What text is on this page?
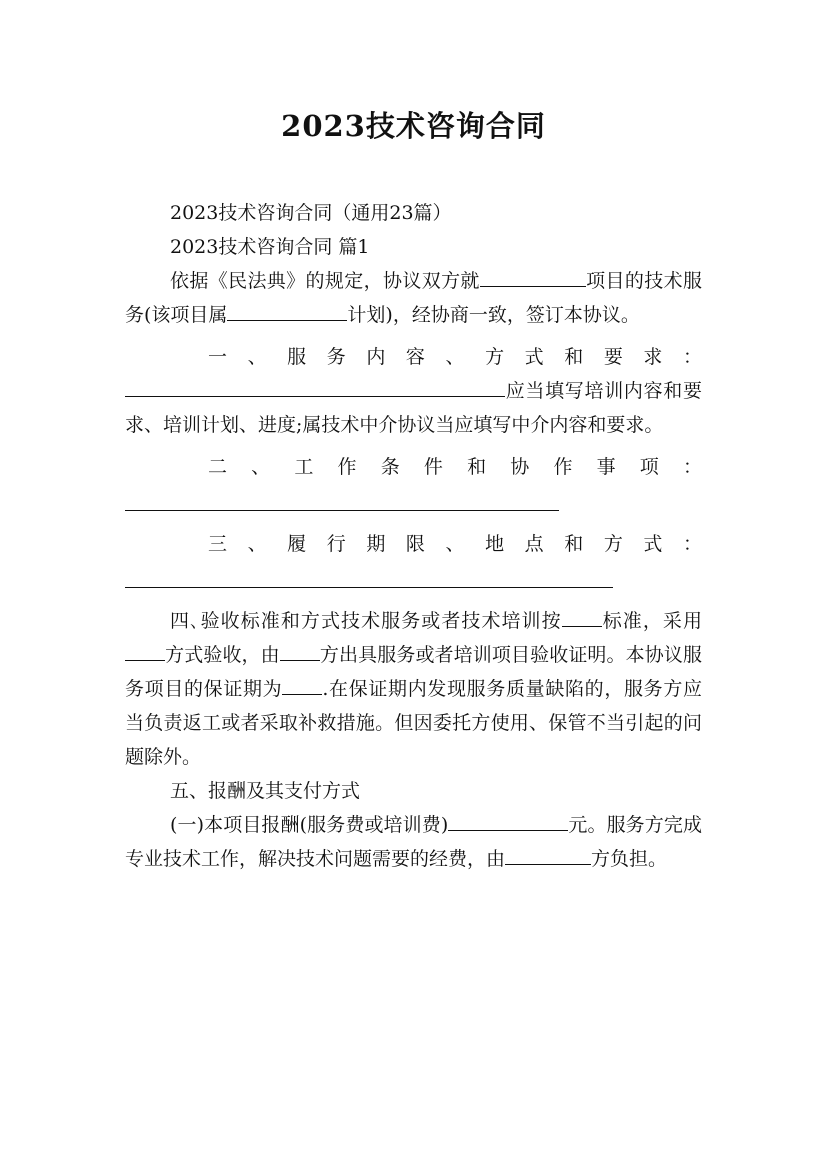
2023技术咨询合同

2023技术咨询合同（通用23篇）

2023技术咨询合同 篇1

依据《民法典》的规定，协议双方就	项目的技术服务(该项目属	计划)，经协商一致，签订本协议。

一、服务内容、方式和要求：

应当填写培训内容和要求、培训计划、进度;属技术中介协议当应填写中介内容和要求。

二、工作条件和协作事项：

三、履行期限、地点和方式：

四､验收标准和方式技术服务或者技术培训按 标准，采用方式验收，由 方出具服务或者培训项目验收证明。本协议服务项目的保证期为 .在保证期内发现服务质量缺陷的，服务方应当负责返工或者采取补救措施。但因委托方使用、保管不当引起的问题除外。

五、报酬及其支付方式

(一)本项目报酬(服务费或培训费)	元。服务方完成专业技术工作，解决技术问题需要的经费，由	方负担。
